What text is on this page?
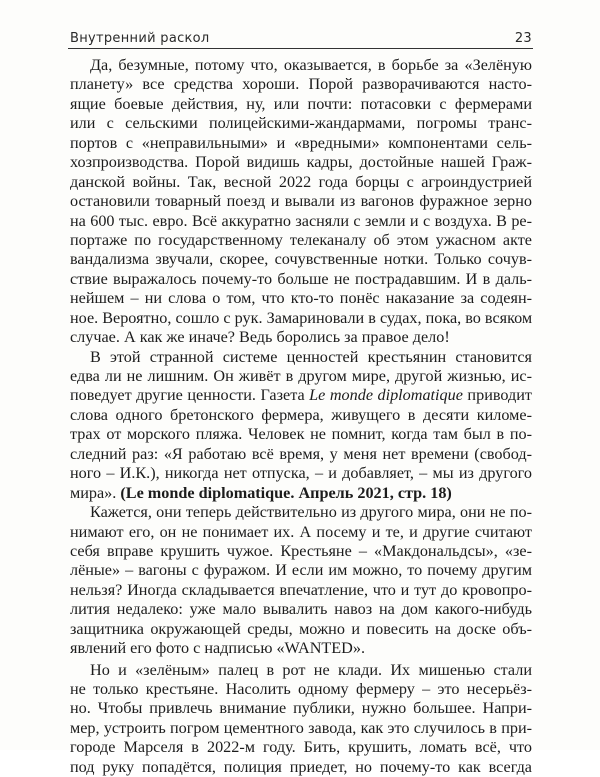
Внутренний раскол	23
Да, безумные, потому что, оказывается, в борьбе за «Зелёную
планету» все средства хороши. Порой разворачиваются насто-
ящие боевые действия, ну, или почти: потасовки с фермерами
или с сельскими полицейскими-жандармами, погромы транс-
портов с «неправильными» и «вредными» компонентами сель-
хозпроизводства. Порой видишь кадры, достойные нашей Граж-
данской войны. Так, весной 2022 года борцы с агроиндустрией
остановили товарный поезд и вывали из вагонов фуражное зерно
на 600 тыс. евро. Всё аккуратно засняли с земли и с воздуха. В ре-
портаже по государственному телеканалу об этом ужасном акте
вандализма звучали, скорее, сочувственные нотки. Только сочув-
ствие выражалось почему-то больше не пострадавшим. И в даль-
нейшем – ни слова о том, что кто-то понёс наказание за содеян-
ное. Вероятно, сошло с рук. Замариновали в судах, пока, во всяком
случае. А как же иначе? Ведь боролись за правое дело!
В этой странной системе ценностей крестьянин становится
едва ли не лишним. Он живёт в другом мире, другой жизнью, ис-
поведует другие ценности. Газета Le monde diplomatique приводит
слова одного бретонского фермера, живущего в десяти киломе-
трах от морского пляжа. Человек не помнит, когда там был в по-
следний раз: «Я работаю всё время, у меня нет времени (свобод-
ного – И.К.), никогда нет отпуска, – и добавляет, – мы из другого
мира». (Le monde diplomatique. Апрель 2021, стр. 18)
Кажется, они теперь действительно из другого мира, они не по-
нимают его, он не понимает их. А посему и те, и другие считают
себя вправе крушить чужое. Крестьяне – «Макдональдсы», «зе-
лёные» – вагоны с фуражом. И если им можно, то почему другим
нельзя? Иногда складывается впечатление, что и тут до кровопро-
лития недалеко: уже мало вывалить навоз на дом какого-нибудь
защитника окружающей среды, можно и повесить на доске объ-
явлений его фото с надписью «WANTED».
Но и «зелёным» палец в рот не клади. Их мишенью стали
не только крестьяне. Насолить одному фермеру – это несерьёз-
но. Чтобы привлечь внимание публики, нужно большее. Напри-
мер, устроить погром цементного завода, как это случилось в при-
городе Марселя в 2022-м году. Бить, крушить, ломать всё, что
под руку попадётся, полиция приедет, но почему-то как всегда
